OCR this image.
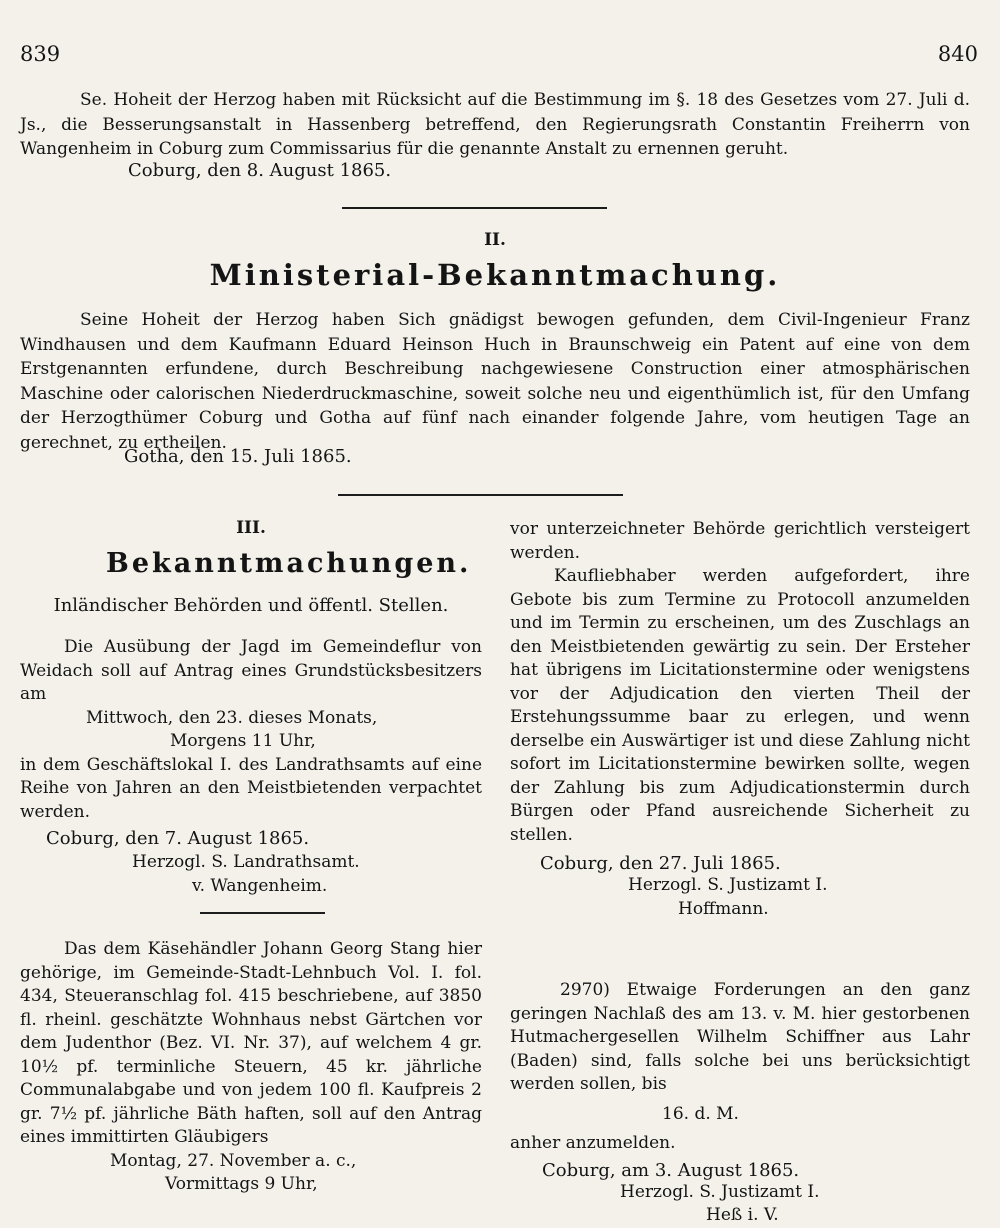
839	840
Se. Hoheit der Herzog haben mit Rücksicht auf die Bestimmung im §. 18 des Gesetzes vom 27. Juli d. Js., die Besserungsanstalt in Hassenberg betreffend, den Regierungsrath Constantin Freiherrn von Wangenheim in Coburg zum Commissarius für die genannte Anstalt zu ernennen geruht.
Coburg, den 8. August 1865.
II.
Ministerial-Bekanntmachung.
Seine Hoheit der Herzog haben Sich gnädigst bewogen gefunden, dem Civil-Ingenieur Franz Windhausen und dem Kaufmann Eduard Heinson Huch in Braunschweig ein Patent auf eine von dem Erstgenannten erfundene, durch Beschreibung nachgewiesene Construction einer atmosphärischen Maschine oder calorischen Niederdruckmaschine, soweit solche neu und eigenthümlich ist, für den Umfang der Herzogthümer Coburg und Gotha auf fünf nach einander folgende Jahre, vom heutigen Tage an gerechnet, zu ertheilen.
Gotha, den 15. Juli 1865.
III.
Bekanntmachungen.
Inländischer Behörden und öffentl. Stellen.
Die Ausübung der Jagd im Gemeindeflur von Weidach soll auf Antrag eines Grundstücksbesitzers am
Mittwoch, den 23. dieses Monats,
Morgens 11 Uhr,
in dem Geschäftslokal I. des Landrathsamts auf eine Reihe von Jahren an den Meistbietenden verpachtet werden.
Coburg, den 7. August 1865.
Herzogl. S. Landrathsamt.
v. Wangenheim.
Das dem Käsehändler Johann Georg Stang hier gehörige, im Gemeinde-Stadt-Lehnbuch Vol. I. fol. 434, Steueranschlag fol. 415 beschriebene, auf 3850 fl. rheinl. geschätzte Wohnhaus nebst Gärtchen vor dem Judenthor (Bez. VI. Nr. 37), auf welchem 4 gr. 10½ pf. terminliche Steuern, 45 kr. jährliche Communalabgabe und von jedem 100 fl. Kaufpreis 2 gr. 7½ pf. jährliche Bäth haften, soll auf den Antrag eines immittirten Gläubigers
Montag, 27. November a. c.,
Vormittags 9 Uhr,
vor unterzeichneter Behörde gerichtlich versteigert werden.
Kaufliebhaber werden aufgefordert, ihre Gebote bis zum Termine zu Protocoll anzumelden und im Termin zu erscheinen, um des Zuschlags an den Meistbietenden gewärtig zu sein. Der Ersteher hat übrigens im Licitationstermine oder wenigstens vor der Adjudication den vierten Theil der Erstehungssumme baar zu erlegen, und wenn derselbe ein Auswärtiger ist und diese Zahlung nicht sofort im Licitationstermine bewirken sollte, wegen der Zahlung bis zum Adjudicationstermin durch Bürgen oder Pfand ausreichende Sicherheit zu stellen.
Coburg, den 27. Juli 1865.
Herzogl. S. Justizamt I.
Hoffmann.
2970) Etwaige Forderungen an den ganz geringen Nachlaß des am 13. v. M. hier gestorbenen Hutmachergesellen Wilhelm Schiffner aus Lahr (Baden) sind, falls solche bei uns berücksichtigt werden sollen, bis
16. d. M.
anher anzumelden.
Coburg, am 3. August 1865.
Herzogl. S. Justizamt I.
Heß i. V.
